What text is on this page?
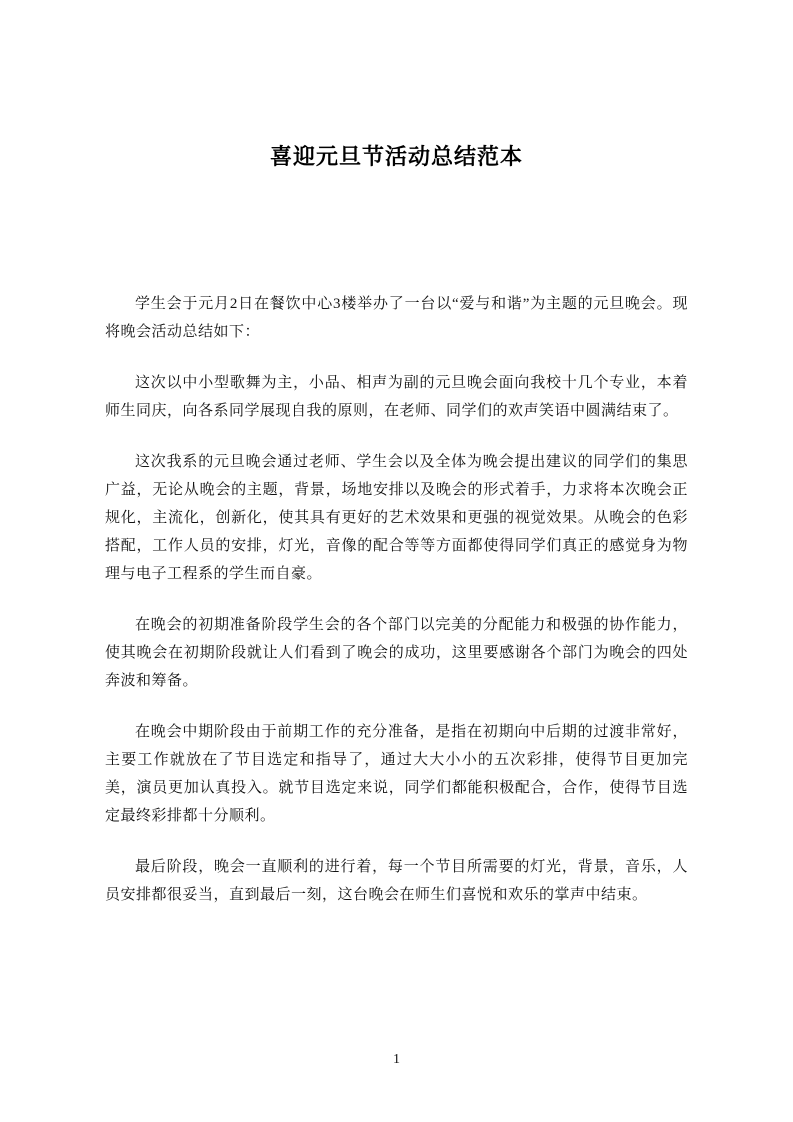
喜迎元旦节活动总结范本

学生会于元月2日在餐饮中心3楼举办了一台以“爱与和谐”为主题的元旦晚会。现将晚会活动总结如下：

这次以中小型歌舞为主，小品、相声为副的元旦晚会面向我校十几个专业，本着师生同庆，向各系同学展现自我的原则，在老师、同学们的欢声笑语中圆满结束了。

这次我系的元旦晚会通过老师、学生会以及全体为晚会提出建议的同学们的集思广益，无论从晚会的主题，背景，场地安排以及晚会的形式着手，力求将本次晚会正规化，主流化，创新化，使其具有更好的艺术效果和更强的视觉效果。从晚会的色彩搭配，工作人员的安排，灯光，音像的配合等等方面都使得同学们真正的感觉身为物理与电子工程系的学生而自豪。

在晚会的初期准备阶段学生会的各个部门以完美的分配能力和极强的协作能力，使其晚会在初期阶段就让人们看到了晚会的成功，这里要感谢各个部门为晚会的四处奔波和筹备。

在晚会中期阶段由于前期工作的充分准备，是指在初期向中后期的过渡非常好，主要工作就放在了节目选定和指导了，通过大大小小的五次彩排，使得节目更加完美，演员更加认真投入。就节目选定来说，同学们都能积极配合，合作，使得节目选定最终彩排都十分顺利。

最后阶段，晚会一直顺利的进行着，每一个节目所需要的灯光，背景，音乐，人员安排都很妥当，直到最后一刻，这台晚会在师生们喜悦和欢乐的掌声中结束。

1
